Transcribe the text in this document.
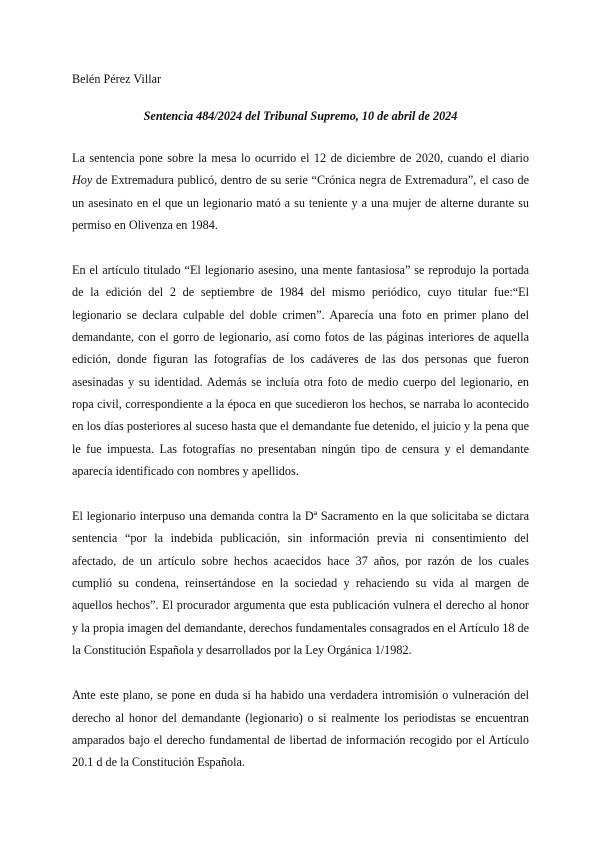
Belén Pérez Villar
Sentencia 484/2024 del Tribunal Supremo, 10 de abril de 2024

La sentencia pone sobre la mesa lo ocurrido el 12 de diciembre de 2020, cuando el diario Hoy de Extremadura publicó, dentro de su serie “Crónica negra de Extremadura”, el caso de un asesinato en el que un legionario mató a su teniente y a una mujer de alterne durante su permiso en Olivenza en 1984.

En el artículo titulado “El legionario asesino, una mente fantasiosa” se reprodujo la portada de la edición del 2 de septiembre de 1984 del mismo periódico, cuyo titular fue:“El legionario se declara culpable del doble crimen”. Aparecía una foto en primer plano del demandante, con el gorro de legionario, así como fotos de las páginas interiores de aquella edición, donde figuran las fotografías de los cadáveres de las dos personas que fueron asesinadas y su identidad. Además se incluía otra foto de medio cuerpo del legionario, en ropa civil, correspondiente a la época en que sucedieron los hechos, se narraba lo acontecido en los días posteriores al suceso hasta que el demandante fue detenido, el juicio y la pena que le fue impuesta. Las fotografías no presentaban ningún tipo de censura y el demandante aparecía identificado con nombres y apellidos.

El legionario interpuso una demanda contra la Dª Sacramento en la que solicitaba se dictara sentencia “por la indebida publicación, sin información previa ni consentimiento del afectado, de un artículo sobre hechos acaecidos hace 37 años, por razón de los cuales cumplió su condena, reinsertándose en la sociedad y rehaciendo su vida al margen de aquellos hechos”. El procurador argumenta que esta publicación vulnera el derecho al honor y la propia imagen del demandante, derechos fundamentales consagrados en el Artículo 18 de la Constitución Española y desarrollados por la Ley Orgánica 1/1982.

Ante este plano, se pone en duda si ha habido una verdadera intromisión o vulneración del derecho al honor del demandante (legionario) o si realmente los periodistas se encuentran amparados bajo el derecho fundamental de libertad de información recogido por el Artículo 20.1 d de la Constitución Española.
